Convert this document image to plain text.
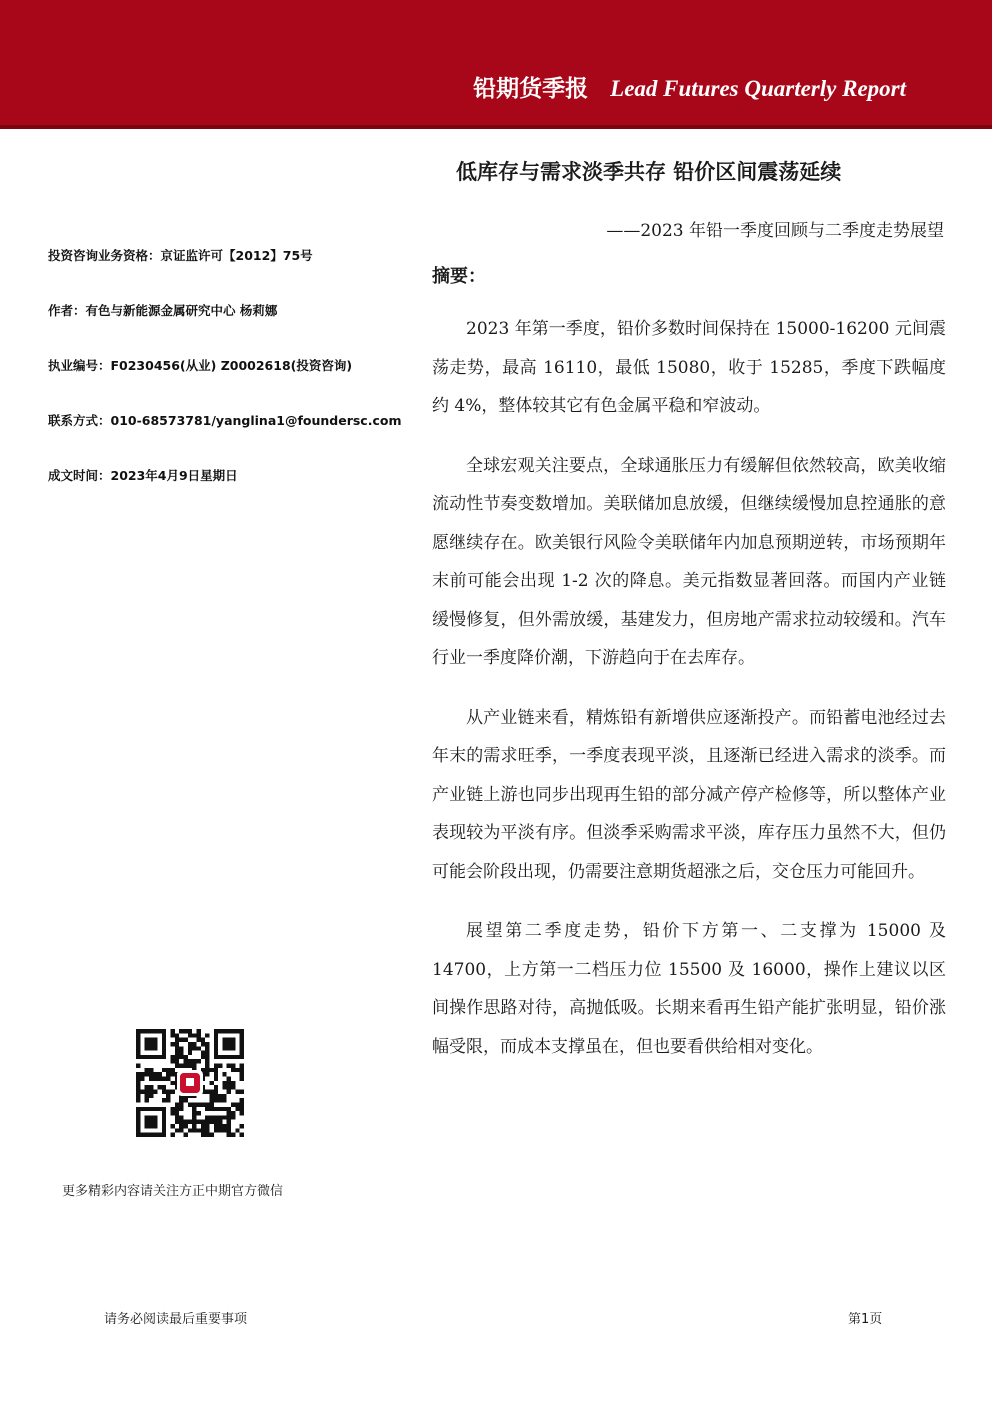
铅期货季报 Lead Futures Quarterly Report
低库存与需求淡季共存 铅价区间震荡延续
——2023 年铅一季度回顾与二季度走势展望
投资咨询业务资格：京证监许可【2012】75号
作者：有色与新能源金属研究中心 杨莉娜
执业编号：F0230456(从业) Z0002618(投资咨询)
联系方式：010-68573781/yanglina1@foundersc.com
成文时间：2023年4月9日星期日
摘要：

2023 年第一季度，铅价多数时间保持在 15000-16200 元间震荡走势，最高 16110，最低 15080，收于 15285，季度下跌幅度约 4%，整体较其它有色金属平稳和窄波动。

全球宏观关注要点，全球通胀压力有缓解但依然较高，欧美收缩流动性节奏变数增加。美联储加息放缓，但继续缓慢加息控通胀的意愿继续存在。欧美银行风险令美联储年内加息预期逆转，市场预期年末前可能会出现 1-2 次的降息。美元指数显著回落。而国内产业链缓慢修复，但外需放缓，基建发力，但房地产需求拉动较缓和。汽车行业一季度降价潮，下游趋向于在去库存。

从产业链来看，精炼铅有新增供应逐渐投产。而铅蓄电池经过去年末的需求旺季，一季度表现平淡，且逐渐已经进入需求的淡季。而产业链上游也同步出现再生铅的部分减产停产检修等，所以整体产业表现较为平淡有序。但淡季采购需求平淡，库存压力虽然不大，但仍可能会阶段出现，仍需要注意期货超涨之后，交仓压力可能回升。

展望第二季度走势，铅价下方第一、二支撑为 15000 及 14700，上方第一二档压力位 15500 及 16000，操作上建议以区间操作思路对待，高抛低吸。长期来看再生铅产能扩张明显，铅价涨幅受限，而成本支撑虽在，但也要看供给相对变化。

更多精彩内容请关注方正中期官方微信
请务必阅读最后重要事项	第1页
